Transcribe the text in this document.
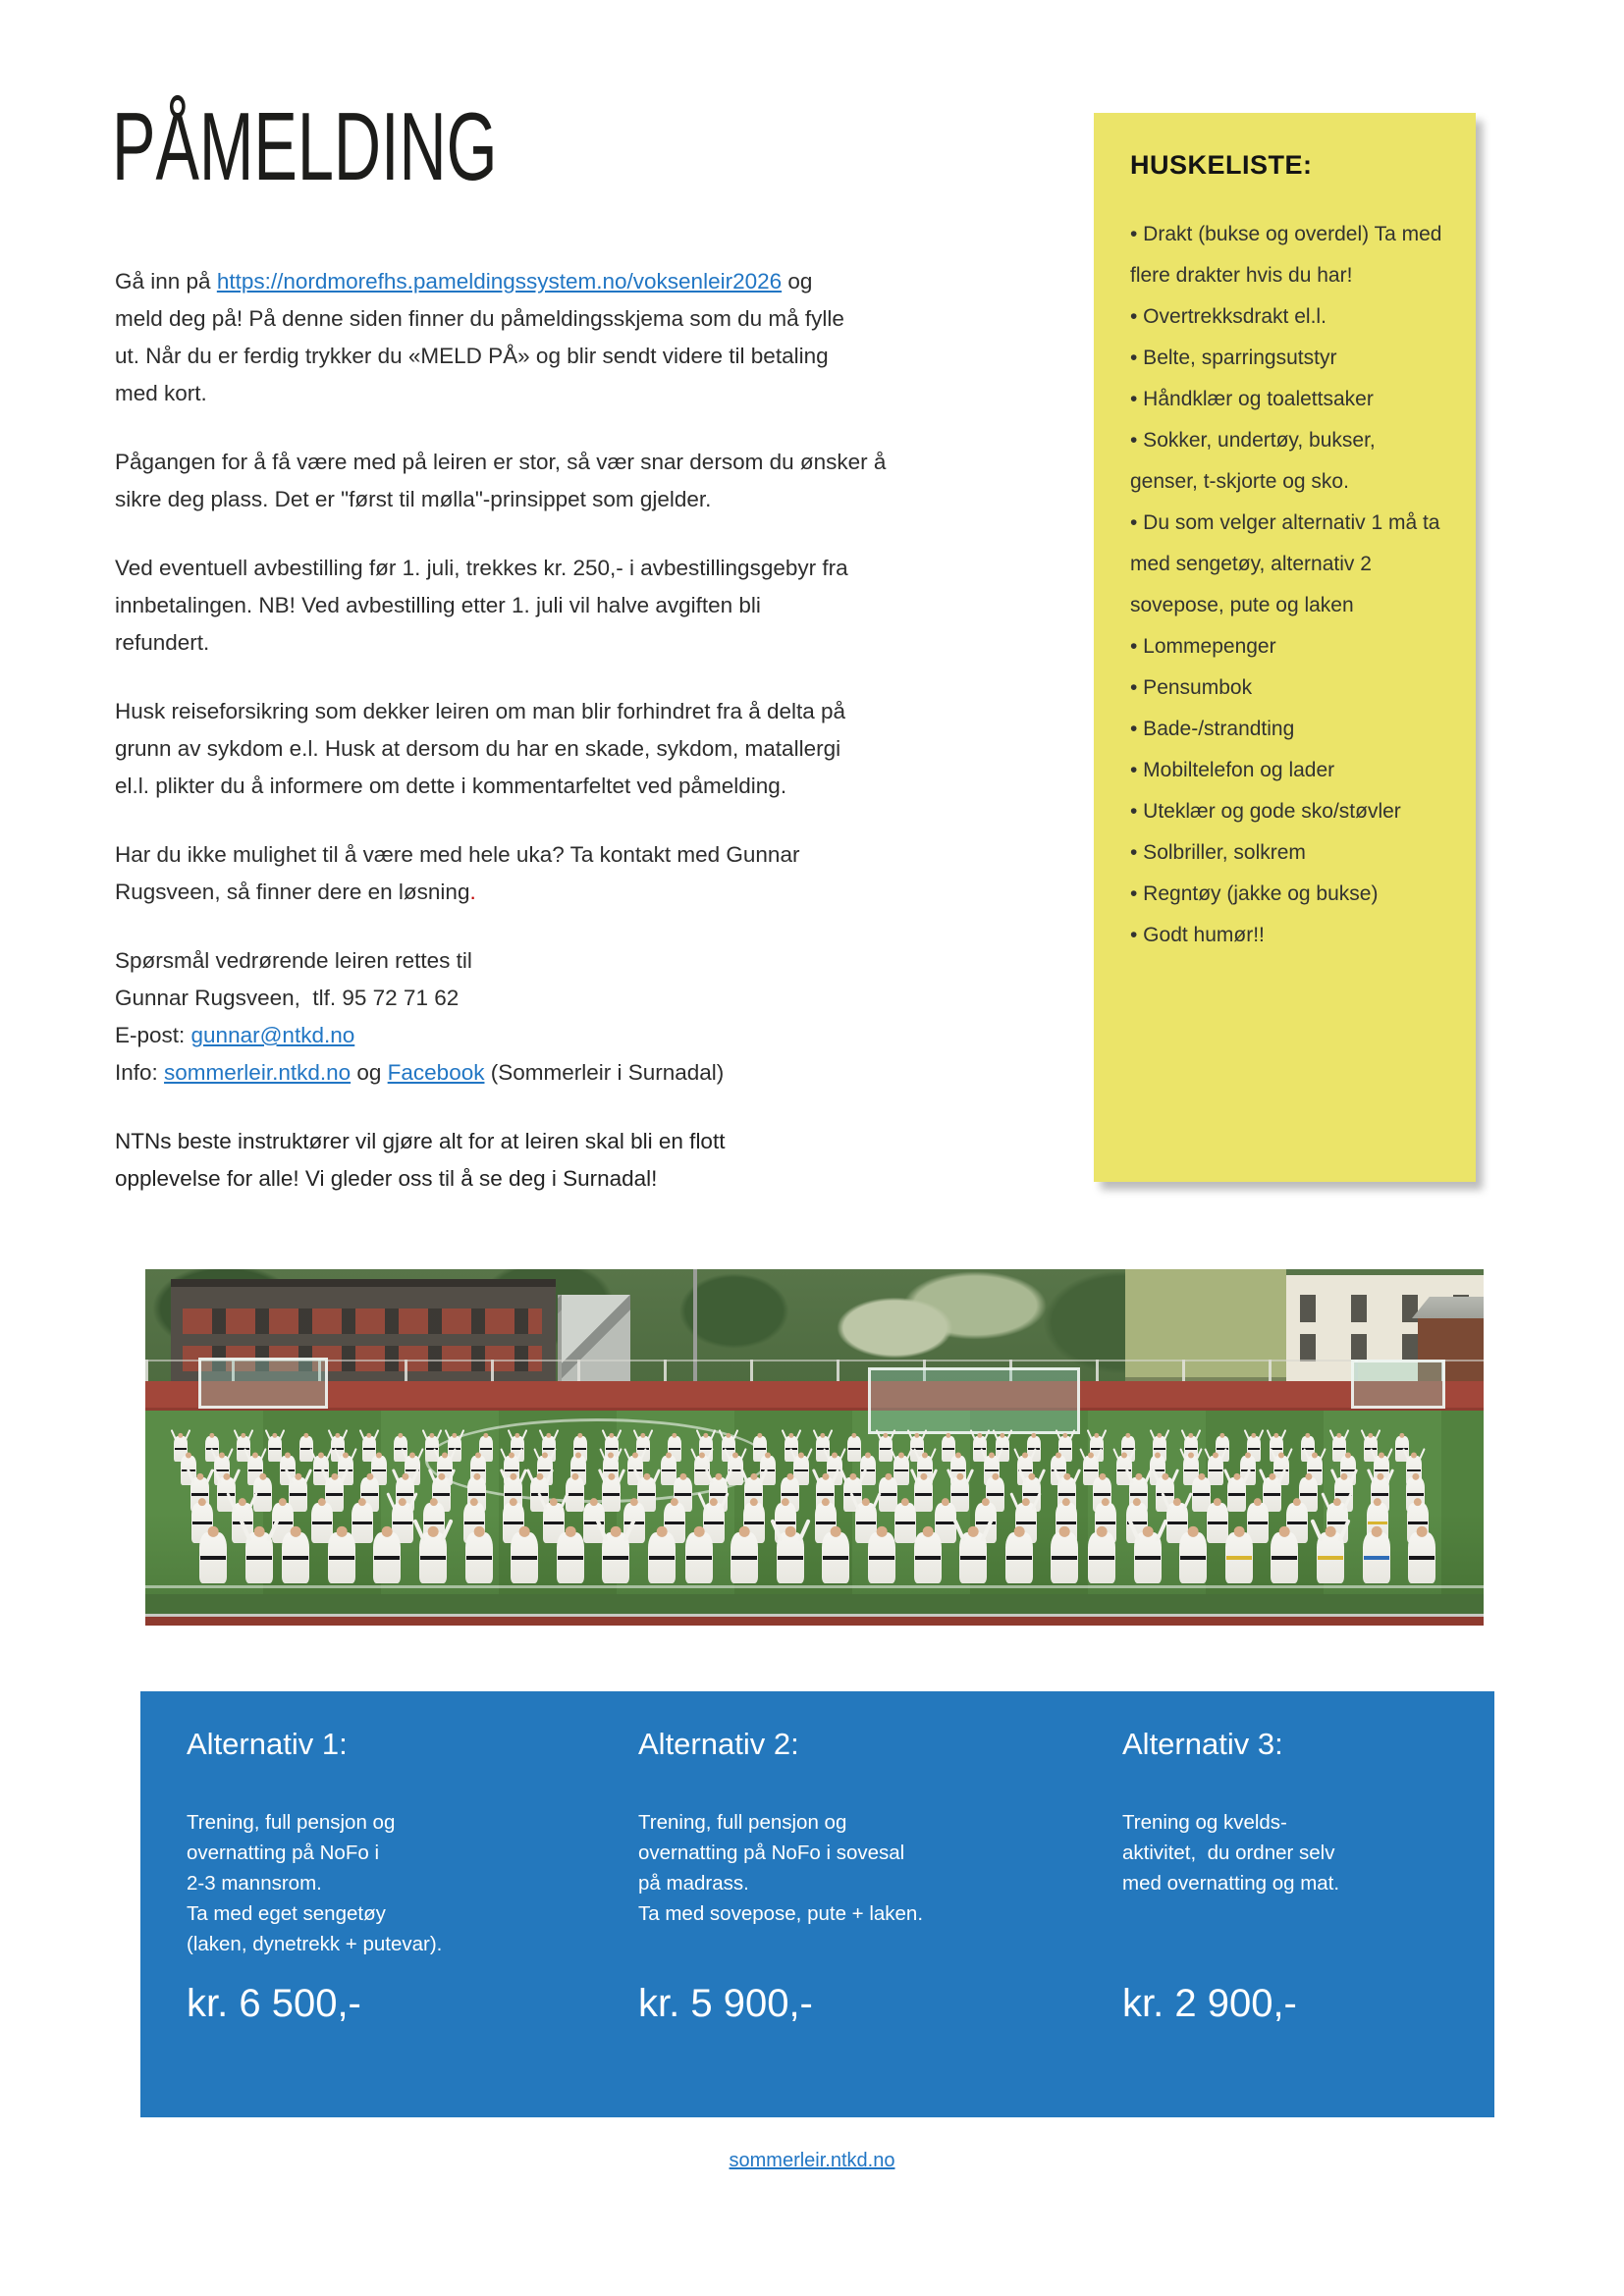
PÅMELDING

Gå inn på https://nordmorefhs.pameldingssystem.no/voksenleir2026 og
meld deg på! På denne siden finner du påmeldingsskjema som du må fylle
ut. Når du er ferdig trykker du «MELD PÅ» og blir sendt videre til betaling
med kort.

Pågangen for å få være med på leiren er stor, så vær snar dersom du ønsker å
sikre deg plass. Det er "først til mølla"-prinsippet som gjelder.

Ved eventuell avbestilling før 1. juli, trekkes kr. 250,- i avbestillingsgebyr fra
innbetalingen. NB! Ved avbestilling etter 1. juli vil halve avgiften bli
refundert.

Husk reiseforsikring som dekker leiren om man blir forhindret fra å delta på
grunn av sykdom e.l. Husk at dersom du har en skade, sykdom, matallergi
el.l. plikter du å informere om dette i kommentarfeltet ved påmelding.

Har du ikke mulighet til å være med hele uka? Ta kontakt med Gunnar
Rugsveen, så finner dere en løsning.

Spørsmål vedrørende leiren rettes til
Gunnar Rugsveen,  tlf. 95 72 71 62
E-post: gunnar@ntkd.no
Info: sommerleir.ntkd.no og Facebook (Sommerleir i Surnadal)

NTNs beste instruktører vil gjøre alt for at leiren skal bli en flott
opplevelse for alle! Vi gleder oss til å se deg i Surnadal!

HUSKELISTE:
• Drakt (bukse og overdel) Ta med flere drakter hvis du har!
• Overtrekksdrakt el.l.
• Belte, sparringsutstyr
• Håndklær og toalettsaker
• Sokker, undertøy, bukser, genser, t-skjorte og sko.
• Du som velger alternativ 1 må ta med sengetøy, alternativ 2 sovepose, pute og laken
• Lommepenger
• Pensumbok
• Bade-/strandting
• Mobiltelefon og lader
• Uteklær og gode sko/støvler
• Solbriller, solkrem
• Regntøy (jakke og bukse)
• Godt humør!!
Alternativ 1:
Trening, full pensjon og
overnatting på NoFo i
2-3 mannsrom.
Ta med eget sengetøy
(laken, dynetrekk + putevar).
kr. 6 500,-
Alternativ 2:
Trening, full pensjon og
overnatting på NoFo i sovesal
på madrass.
Ta med sovepose, pute + laken.
kr. 5 900,-
Alternativ 3:
Trening og kvelds-
aktivitet,  du ordner selv
med overnatting og mat.
kr. 2 900,-
sommerleir.ntkd.no
